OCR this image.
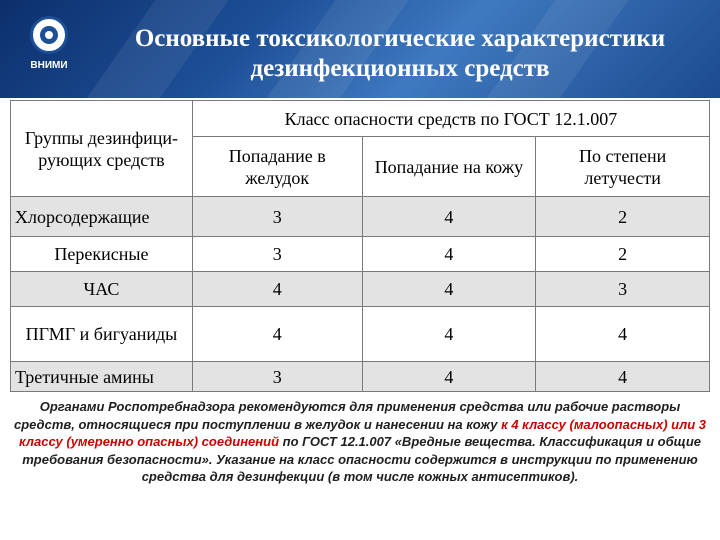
ВНИМИ
Основные токсикологические характеристики
дезинфекционных средств
Группы дезинфици-рующих средств	Класс опасности средств по ГОСТ 12.1.007		
	Попадание в желудок	Попадание на кожу	По степени летучести
Хлорсодержащие	3	4	2
Перекисные	3	4	2
ЧАС	4	4	3
ПГМГ и бигуаниды	4	4	4
Третичные амины	3	4	4
Органами Роспотребнадзора рекомендуются для применения средства или рабочие растворы средств, относящиеся при поступлении в желудок и нанесении на кожу к 4 классу (малоопасных) или 3 классу (умеренно опасных) соединений по ГОСТ 12.1.007 «Вредные вещества. Классификация и общие требования безопасности». Указание на класс опасности содержится в инструкции по применению средства для дезинфекции (в том числе кожных антисептиков).
